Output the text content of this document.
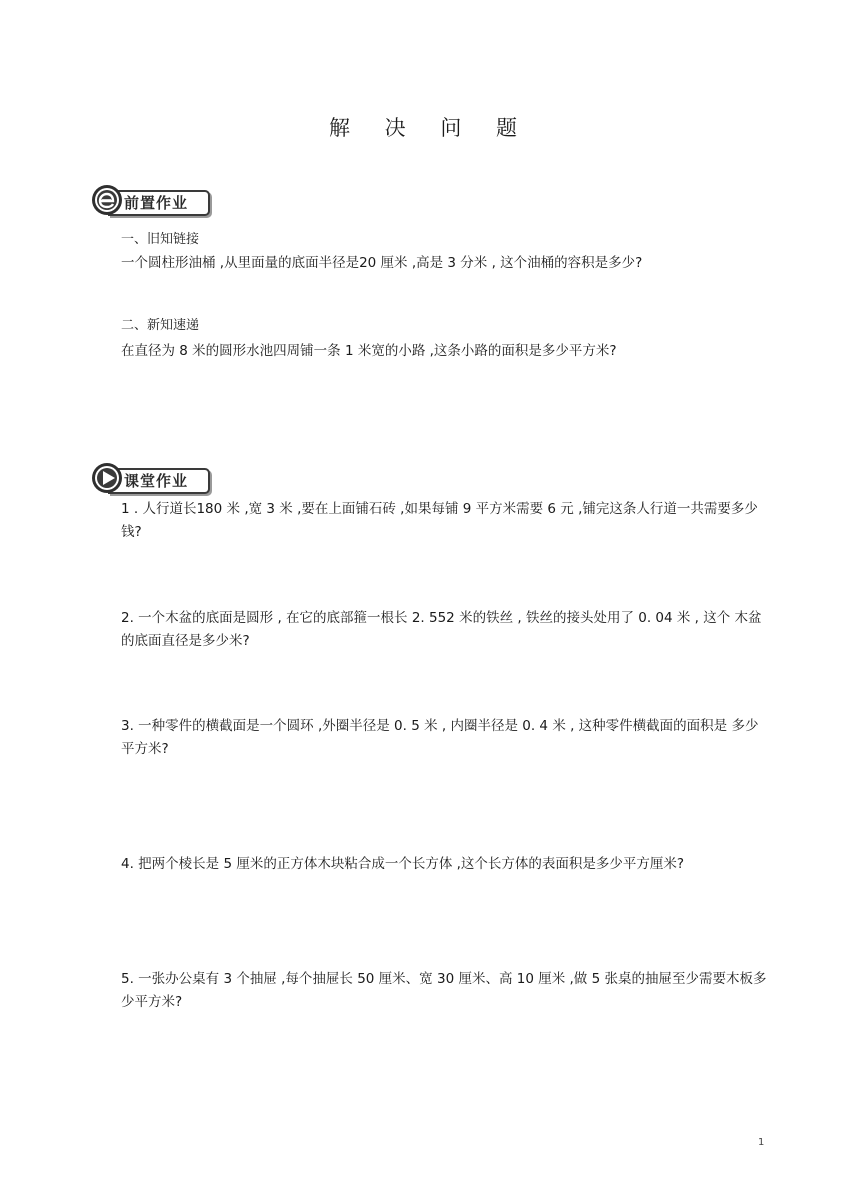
解 决 问 题
前置作业
一、旧知链接
一个圆柱形油桶 ,从里面量的底面半径是20 厘米 ,高是 3 分米 , 这个油桶的容积是多少?
二、新知速递
在直径为 8 米的圆形水池四周铺一条 1 米宽的小路 ,这条小路的面积是多少平方米?
课堂作业
1 . 人行道长180 米 ,宽 3 米 ,要在上面铺石砖 ,如果每铺 9 平方米需要 6 元 ,铺完这条人行道一共需要多少钱?
2. 一个木盆的底面是圆形 , 在它的底部箍一根长 2. 552 米的铁丝 , 铁丝的接头处用了 0. 04 米 , 这个 木盆的底面直径是多少米?
3. 一种零件的横截面是一个圆环 ,外圈半径是 0. 5 米 , 内圈半径是 0. 4 米 , 这种零件横截面的面积是 多少平方米?
4. 把两个棱长是 5 厘米的正方体木块粘合成一个长方体 ,这个长方体的表面积是多少平方厘米?
5. 一张办公桌有 3 个抽屉 ,每个抽屉长 50 厘米、宽 30 厘米、高 10 厘米 ,做 5 张桌的抽屉至少需要木板多少平方米?
1
